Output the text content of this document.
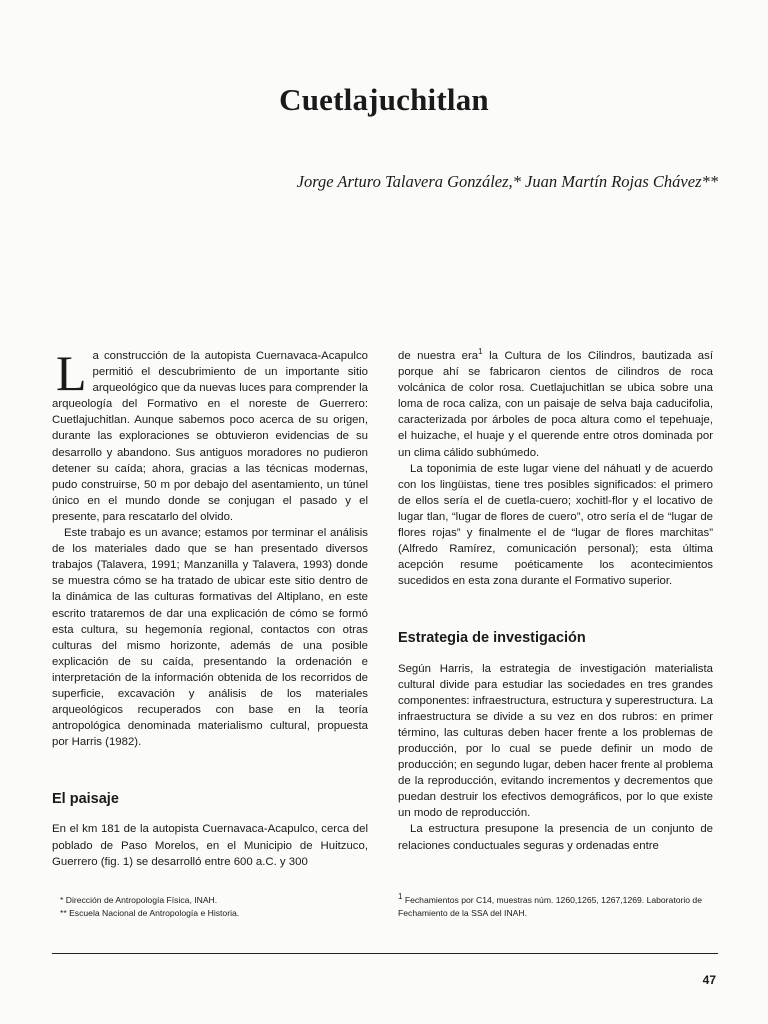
Cuetlajuchitlan
Jorge Arturo Talavera González,* Juan Martín Rojas Chávez**

La construcción de la autopista Cuernavaca-Acapulco permitió el descubrimiento de un importante sitio arqueológico que da nuevas luces para comprender la arqueología del Formativo en el noreste de Guerrero: Cuetlajuchitlan. Aunque sabemos poco acerca de su origen, durante las exploraciones se obtuvieron evidencias de su desarrollo y abandono. Sus antiguos moradores no pudieron detener su caída; ahora, gracias a las técnicas modernas, pudo construirse, 50 m por debajo del asentamiento, un túnel único en el mundo donde se conjugan el pasado y el presente, para rescatarlo del olvido.

Este trabajo es un avance; estamos por terminar el análisis de los materiales dado que se han presentado diversos trabajos (Talavera, 1991; Manzanilla y Talavera, 1993) donde se muestra cómo se ha tratado de ubicar este sitio dentro de la dinámica de las culturas formativas del Altiplano, en este escrito trataremos de dar una explicación de cómo se formó esta cultura, su hegemonía regional, contactos con otras culturas del mismo horizonte, además de una posible explicación de su caída, presentando la ordenación e interpretación de la información obtenida de los recorridos de superficie, excavación y análisis de los materiales arqueológicos recuperados con base en la teoría antropológica denominada materialismo cultural, propuesta por Harris (1982).

El paisaje

En el km 181 de la autopista Cuernavaca-Acapulco, cerca del poblado de Paso Morelos, en el Municipio de Huitzuco, Guerrero (fig. 1) se desarrolló entre 600 a.C. y 300

de nuestra era$^1$ la Cultura de los Cilindros, bautizada así porque ahí se fabricaron cientos de cilindros de roca volcánica de color rosa. Cuetlajuchitlan se ubica sobre una loma de roca caliza, con un paisaje de selva baja caducifolia, caracterizada por árboles de poca altura como el tepehuaje, el huizache, el huaje y el querende entre otros dominada por un clima cálido subhúmedo.

La toponimia de este lugar viene del náhuatl y de acuerdo con los lingüistas, tiene tres posibles significados: el primero de ellos sería el de cuetla-cuero; xochitl-flor y el locativo de lugar tlan, “lugar de flores de cuero”, otro sería el de “lugar de flores rojas” y finalmente el de “lugar de flores marchitas” (Alfredo Ramírez, comunicación personal); esta última acepción resume poéticamente los acontecimientos sucedidos en esta zona durante el Formativo superior.

Estrategia de investigación

Según Harris, la estrategia de investigación materialista cultural divide para estudiar las sociedades en tres grandes componentes: infraestructura, estructura y superestructura. La infraestructura se divide a su vez en dos rubros: en primer término, las culturas deben hacer frente a los problemas de producción, por lo cual se puede definir un modo de producción; en segundo lugar, deben hacer frente al problema de la reproducción, evitando incrementos y decrementos que puedan destruir los efectivos demográficos, por lo que existe un modo de reproducción.

La estructura presupone la presencia de un conjunto de relaciones conductuales seguras y ordenadas entre

* Dirección de Antropología Física, INAH.
** Escuela Nacional de Antropología e Historia.
1 Fechamientos por C14, muestras núm. 1260,1265, 1267,1269. Laboratorio de Fechamiento de la SSA del INAH.
47
